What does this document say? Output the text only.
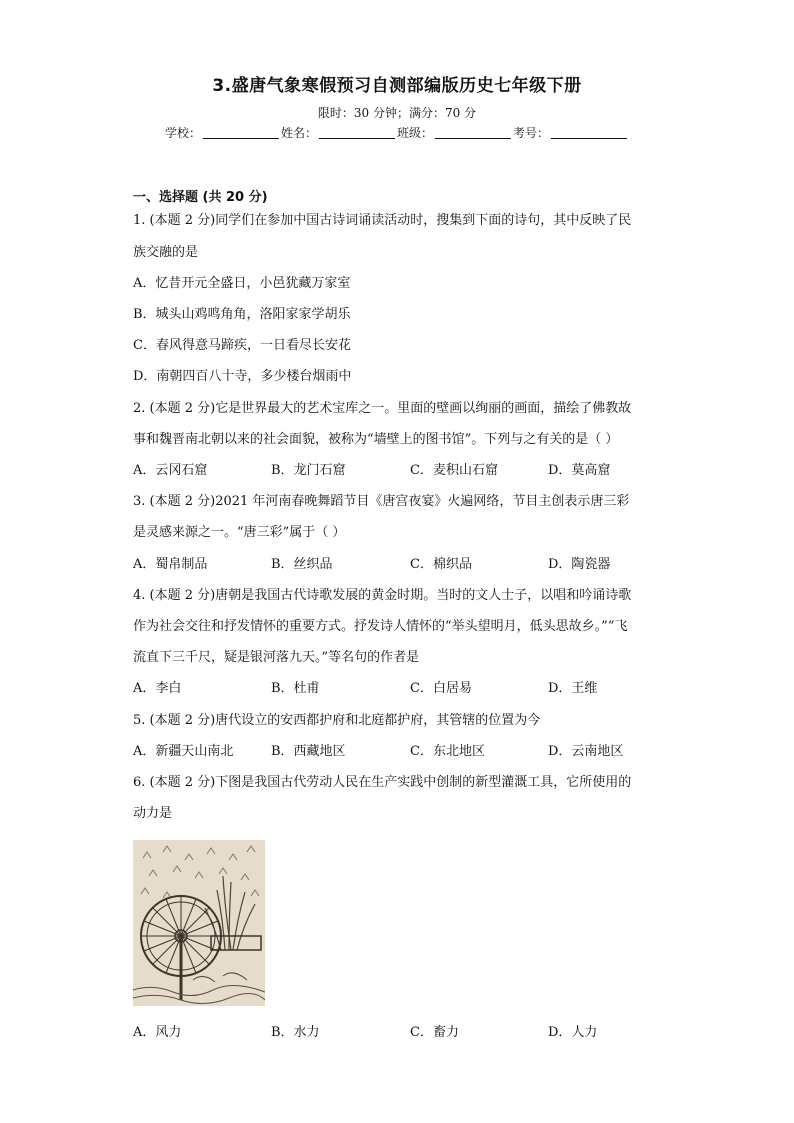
3.盛唐气象寒假预习自测部编版历史七年级下册
限时：30 分钟；满分：70 分
学校：	姓名：	班级：	考号：
一、选择题 (共 20 分)
1. (本题 2 分)同学们在参加中国古诗词诵读活动时，搜集到下面的诗句，其中反映了民
族交融的是
A．忆昔开元全盛日，小邑犹藏万家室
B．城头山鸡鸣角角，洛阳家家学胡乐
C．春风得意马蹄疾，一日看尽长安花
D．南朝四百八十寺，多少楼台烟雨中
2. (本题 2 分)它是世界最大的艺术宝库之一。里面的壁画以绚丽的画面，描绘了佛教故
事和魏晋南北朝以来的社会面貌，被称为“墙壁上的图书馆”。下列与之有关的是（ ）
A．云冈石窟	B．龙门石窟	C．麦积山石窟	D．莫高窟
3. (本题 2 分)2021 年河南春晚舞蹈节目《唐宫夜宴》火遍网络，节目主创表示唐三彩
是灵感来源之一。“唐三彩”属于（ ）
A．蜀帛制品	B．丝织品	C．棉织品	D．陶瓷器
4. (本题 2 分)唐朝是我国古代诗歌发展的黄金时期。当时的文人士子，以唱和吟诵诗歌
作为社会交往和抒发情怀的重要方式。抒发诗人情怀的“举头望明月，低头思故乡。”“飞
流直下三千尺，疑是银河落九天。”等名句的作者是
A．李白	B．杜甫	C．白居易	D．王维
5. (本题 2 分)唐代设立的安西都护府和北庭都护府，其管辖的位置为今
A．新疆天山南北	B．西藏地区	C．东北地区	D．云南地区
6. (本题 2 分)下图是我国古代劳动人民在生产实践中创制的新型灌溉工具，它所使用的
动力是
A．风力	B．水力	C．畜力	D．人力
